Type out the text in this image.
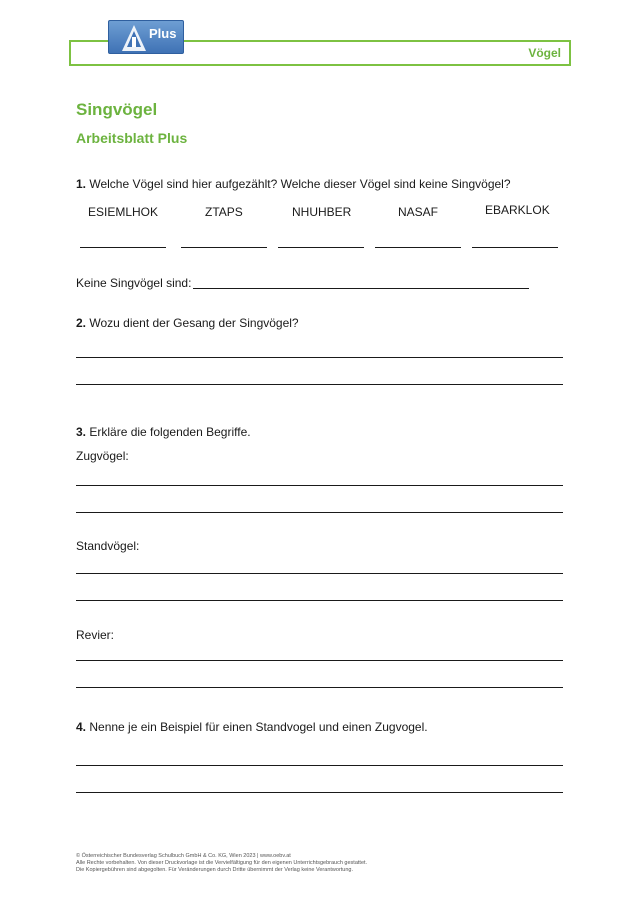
Vögel
Plus
Singvögel
Arbeitsblatt Plus
1. Welche Vögel sind hier aufgezählt? Welche dieser Vögel sind keine Singvögel?
ESIEMLHOK	ZTAPS	NHUHBER	NASAF	EBARKLOK
Keine Singvögel sind:
2. Wozu dient der Gesang der Singvögel?
3. Erkläre die folgenden Begriffe.
Zugvögel:
Standvögel:
Revier:
4. Nenne je ein Beispiel für einen Standvogel und einen Zugvogel.
© Österreichischer Bundesverlag Schulbuch GmbH & Co. KG, Wien 2023 | www.oebv.at
Alle Rechte vorbehalten. Von dieser Druckvorlage ist die Vervielfältigung für den eigenen Unterrichtsgebrauch gestattet.
Die Kopiergebühren sind abgegolten. Für Veränderungen durch Dritte übernimmt der Verlag keine Verantwortung.
